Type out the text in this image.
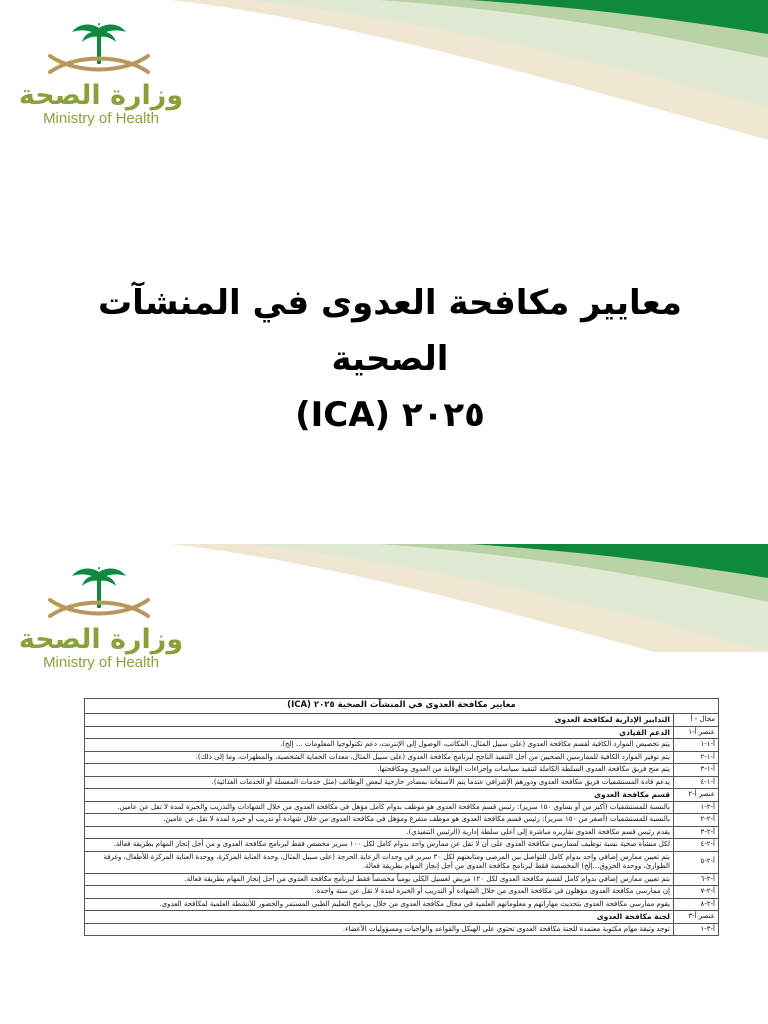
وزارة الصحة
Ministry of Health
معايير مكافحة العدوى في المنشآت الصحية
٢٠٢٥ (ICA)
وزارة الصحة
Ministry of Health
معايير مكافحة العدوى في المنشآت الصحية ٢٠٢٥ (ICA)	
مجال - أ	التدابير الإدارية لمكافحة العدوى
عنصر أ-١	الدعم القيادي
أ-١-١	يتم تخصيص الموارد الكافية لقسم مكافحة العدوى (على سبيل المثال، المكاتب، الوصول إلى الإنترنت، دعم تكنولوجيا المعلومات ... إلخ).
أ-١-٢	يتم توفير الموارد الكافية للممارسين الصحيين من أجل التنفيذ الناجح لبرنامج مكافحة العدوى (على سبيل المثال، معدات الحماية الشخصية، والمطهرات، وما إلى ذلك).
أ-١-٣	يتم منح فريق مكافحة العدوى السلطة الكاملة لتنفيذ سياسات وإجراءات الوقاية من العدوى ومكافحتها.
أ-١-٤	يدعم قادة المستشفيات فريق مكافحة العدوى ودورهم الإشرافي عندما يتم الاستعانة بمصادر خارجية لبعض الوظائف (مثل خدمات المغسلة أو الخدمات الغذائية).
عنصر أ-٢	قسم مكافحة العدوى
أ-٢-١	بالنسبة للمستشفيات (أكبر من أو يساوي ١٥٠ سرير): رئيس قسم مكافحة العدوى هو موظف بدوام كامل مؤهل في مكافحة العدوى من خلال الشهادات والتدريب والخبرة لمدة لا تقل عن عامين.
أ-٢-٢	بالنسبة للمستشفيات (أصغر من ١٥٠ سرير): رئيس قسم مكافحة العدوى هو موظف متفرغ ومؤهل في مكافحة العدوى من خلال شهادة أو تدريب أو خبرة لمدة لا تقل عن عامين.
أ-٢-٣	يقدم رئيس قسم مكافحة العدوى تقاريره مباشرة إلى أعلى سلطة إدارية (الرئيس التنفيذي).
أ-٢-٤	لكل منشأة صحية نسبة توظيف لممارسي مكافحة العدوى على أن لا تقل عن ممارس واحد بدوام كامل لكل ١٠٠ سرير مخصص فقط لبرنامج مكافحة العدوى و من أجل إنجاز المهام بطريقة فعالة.
أ-٢-٥	يتم تعيين ممارس إضافي واحد بدوام كامل للتواصل بين المرضى ومتابعتهم لكل ٣٠ سرير في وحدات الرعاية الحرجة (على سبيل المثال، وحدة العناية المركزة، ووحدة العناية المركزة للأطفال، وغرفة الطوارئ، ووحدة الحروق...إلخ) المخصصة فقط لبرنامج مكافحة العدوى من أجل إنجاز المهام بطريقة فعالة.
أ-٢-٦	يتم تعيين ممارس إضافي بدوام كامل لقسم مكافحة العدوى لكل ١٢٠ مريض لغسيل الكلى يومياً مخصصاً فقط لبرنامج مكافحة العدوى من أجل إنجاز المهام بطريقة فعالة.
أ-٢-٧	إن ممارسي مكافحة العدوى مؤهلون في مكافحة العدوى من خلال الشهادة أو التدريب أو الخبرة لمدة لا تقل عن سنة واحدة.
أ-٢-٨	يقوم ممارسي مكافحة العدوى بتحديث مهاراتهم و معلوماتهم العلمية في مجال مكافحة العدوى من خلال برنامج التعليم الطبي المستمر والحضور للأنشطة العلمية لمكافحة العدوى.
عنصر أ-٣	لجنة مكافحة العدوى
أ-٣-١	توجد وثيقة مهام مكتوبة معتمدة للجنة مكافحة العدوى تحتوي على الهيكل والقواعد والواجبات ومسؤوليات الأعضاء.
